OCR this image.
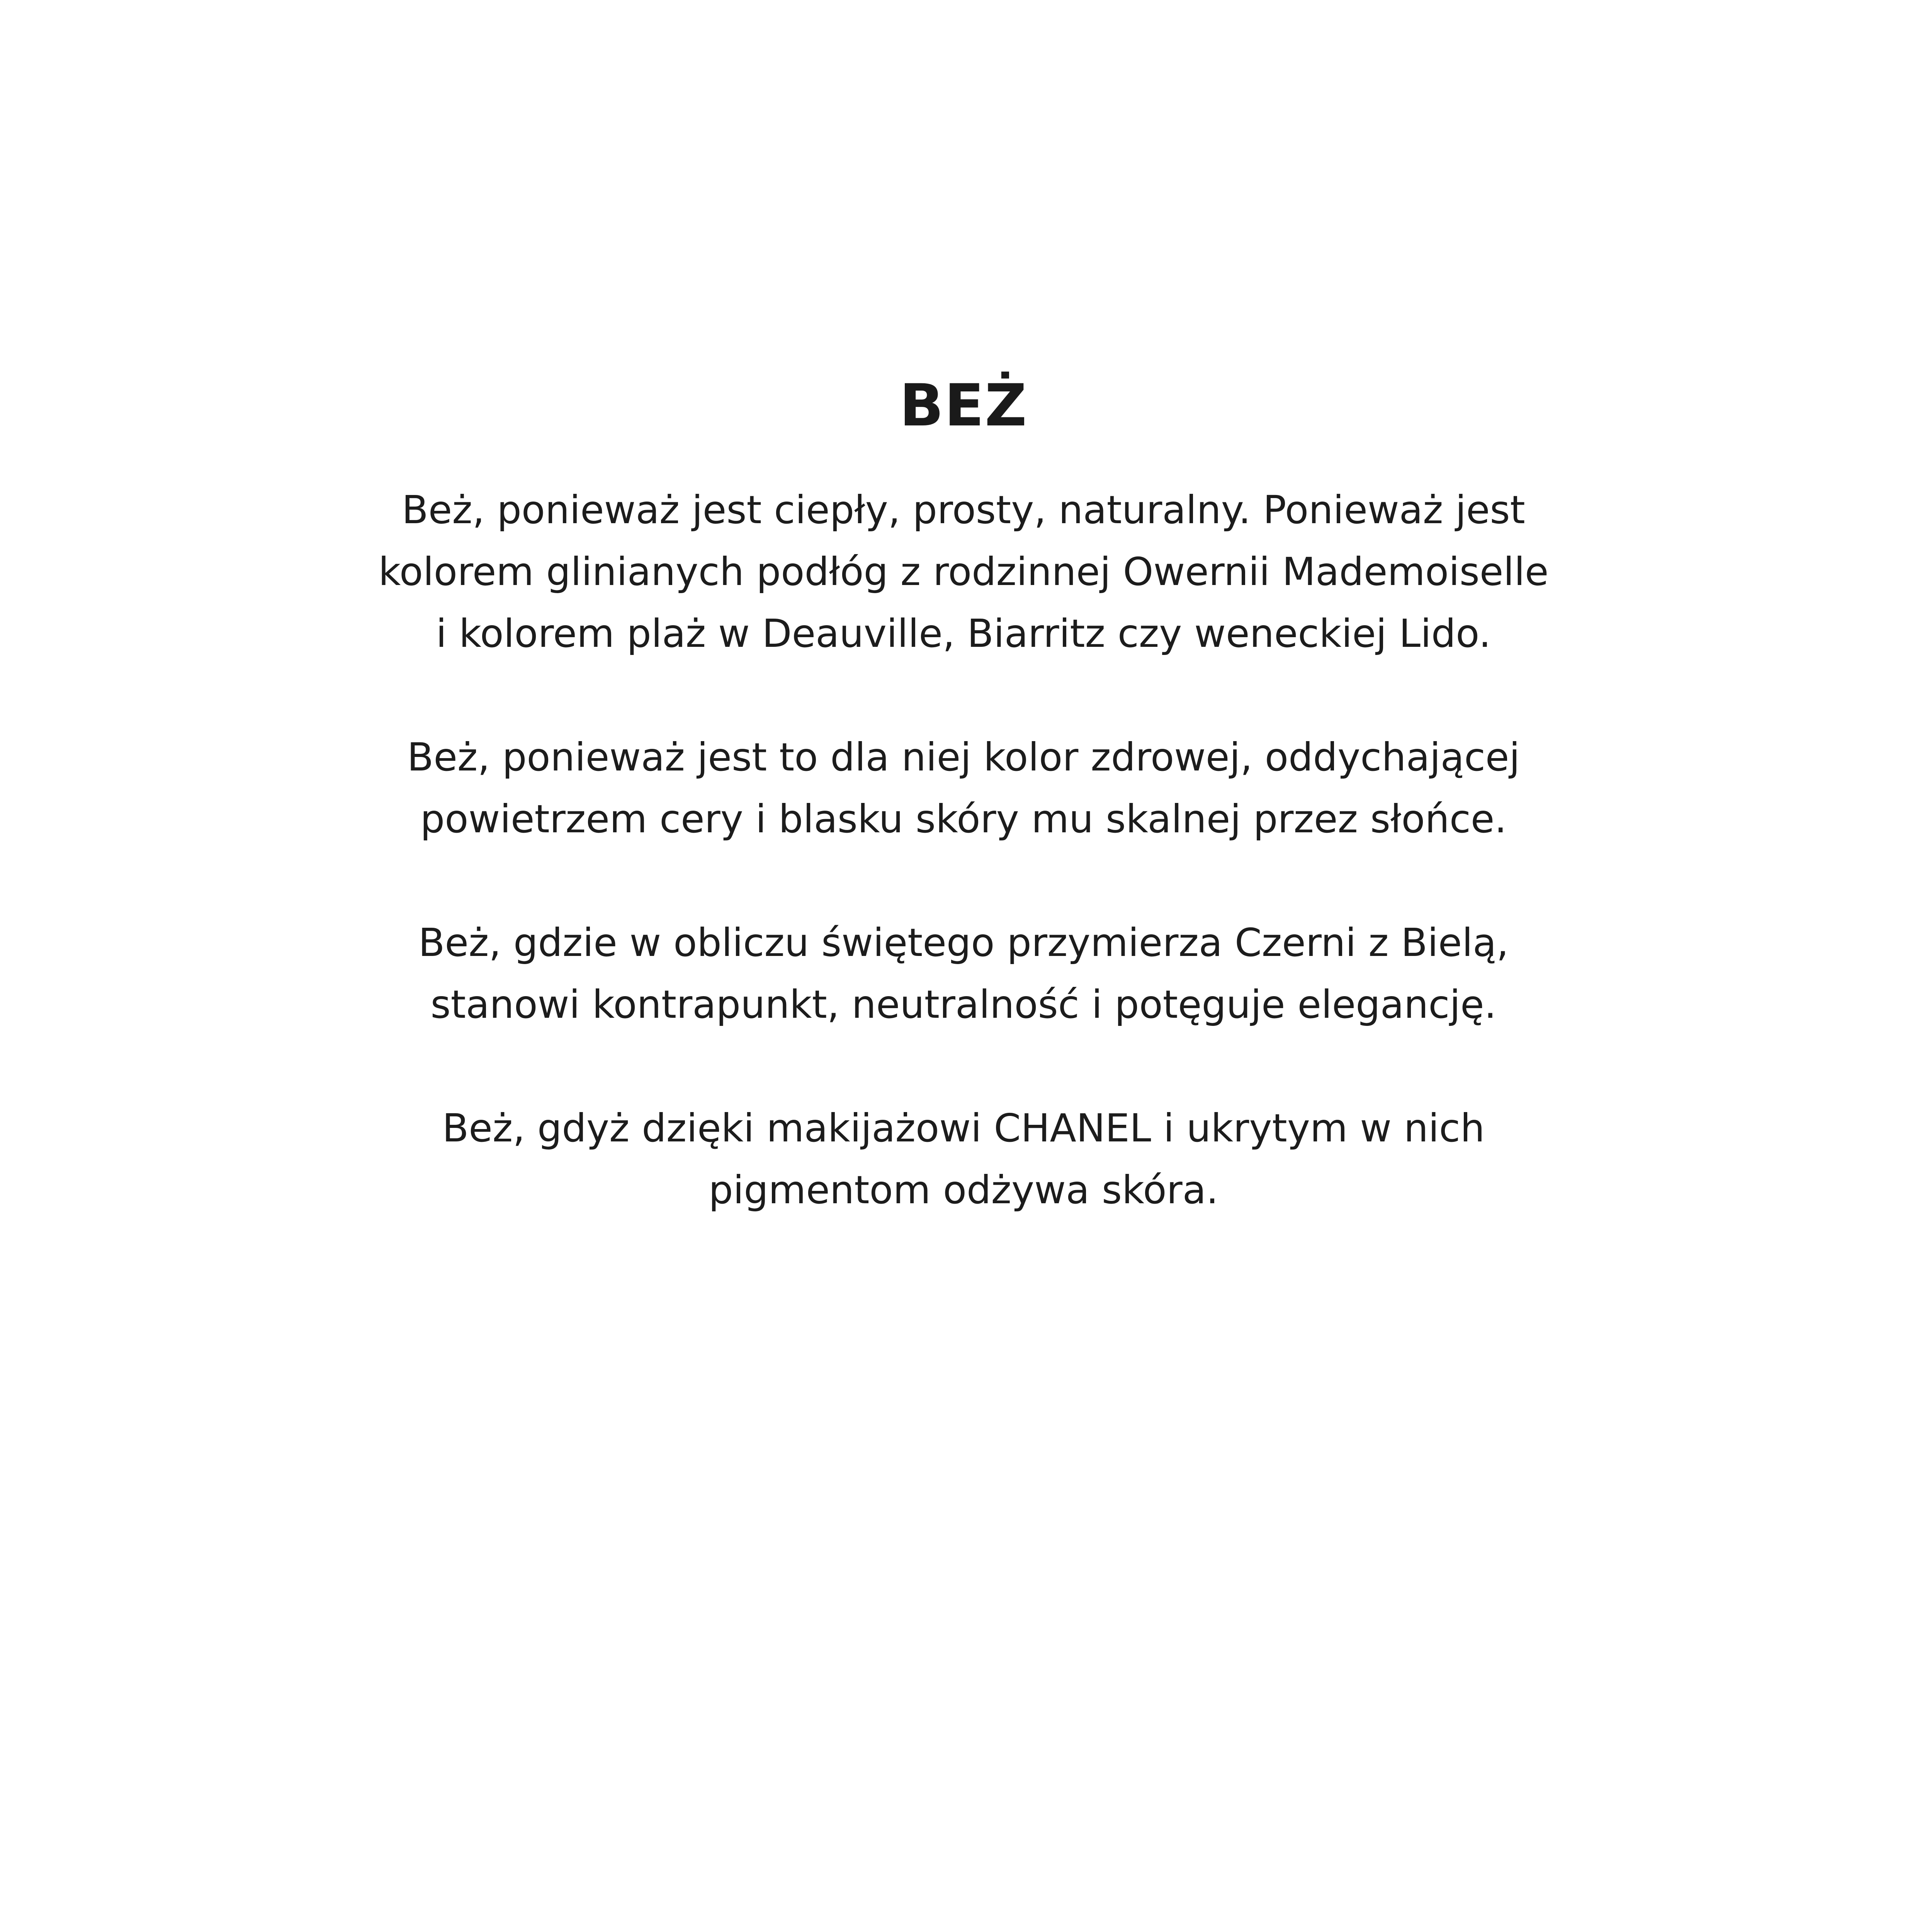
BEŻ

Beż, ponieważ jest ciepły, prosty, naturalny. Ponieważ jest
kolorem glinianych podłóg z rodzinnej Owernii Mademoiselle
i kolorem plaż w Deauville, Biarritz czy weneckiej Lido.

Beż, ponieważ jest to dla niej kolor zdrowej, oddychającej
powietrzem cery i blasku skóry mu skalnej przez słońce.

Beż, gdzie w obliczu świętego przymierza Czerni z Bielą,
stanowi kontrapunkt, neutralność i potęguje elegancję.

Beż, gdyż dzięki makijażowi CHANEL i ukrytym w nich
pigmentom odżywa skóra.
